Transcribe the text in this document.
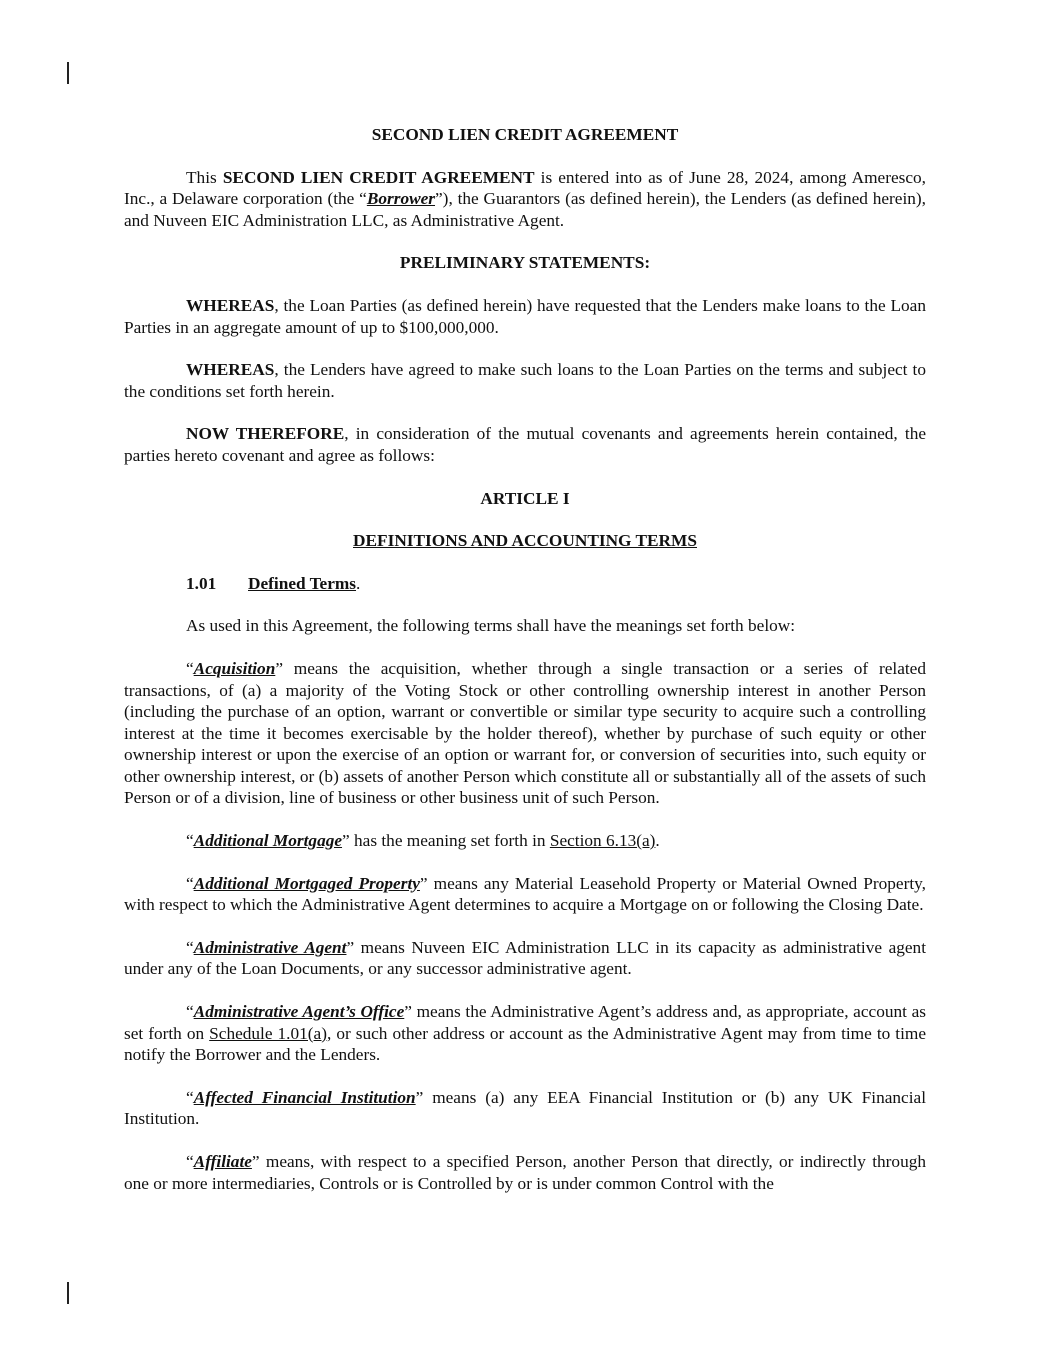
SECOND LIEN CREDIT AGREEMENT

This SECOND LIEN CREDIT AGREEMENT is entered into as of June 28, 2024, among Ameresco, Inc., a Delaware corporation (the “Borrower”), the Guarantors (as defined herein), the Lenders (as defined herein), and Nuveen EIC Administration LLC, as Administrative Agent.

PRELIMINARY STATEMENTS:

WHEREAS, the Loan Parties (as defined herein) have requested that the Lenders make loans to the Loan Parties in an aggregate amount of up to $100,000,000.

WHEREAS, the Lenders have agreed to make such loans to the Loan Parties on the terms and subject to the conditions set forth herein.

NOW THEREFORE, in consideration of the mutual covenants and agreements herein contained, the parties hereto covenant and agree as follows:

ARTICLE I
DEFINITIONS AND ACCOUNTING TERMS
1.01 Defined Terms.

As used in this Agreement, the following terms shall have the meanings set forth below:

“Acquisition” means the acquisition, whether through a single transaction or a series of related transactions, of (a) a majority of the Voting Stock or other controlling ownership interest in another Person (including the purchase of an option, warrant or convertible or similar type security to acquire such a controlling interest at the time it becomes exercisable by the holder thereof), whether by purchase of such equity or other ownership interest or upon the exercise of an option or warrant for, or conversion of securities into, such equity or other ownership interest, or (b) assets of another Person which constitute all or substantially all of the assets of such Person or of a division, line of business or other business unit of such Person.

“Additional Mortgage” has the meaning set forth in Section 6.13(a).

“Additional Mortgaged Property” means any Material Leasehold Property or Material Owned Property, with respect to which the Administrative Agent determines to acquire a Mortgage on or following the Closing Date.

“Administrative Agent” means Nuveen EIC Administration LLC in its capacity as administrative agent under any of the Loan Documents, or any successor administrative agent.

“Administrative Agent’s Office” means the Administrative Agent’s address and, as appropriate, account as set forth on Schedule 1.01(a), or such other address or account as the Administrative Agent may from time to time notify the Borrower and the Lenders.

“Affected Financial Institution” means (a) any EEA Financial Institution or (b) any UK Financial Institution.

“Affiliate” means, with respect to a specified Person, another Person that directly, or indirectly through one or more intermediaries, Controls or is Controlled by or is under common Control with the
